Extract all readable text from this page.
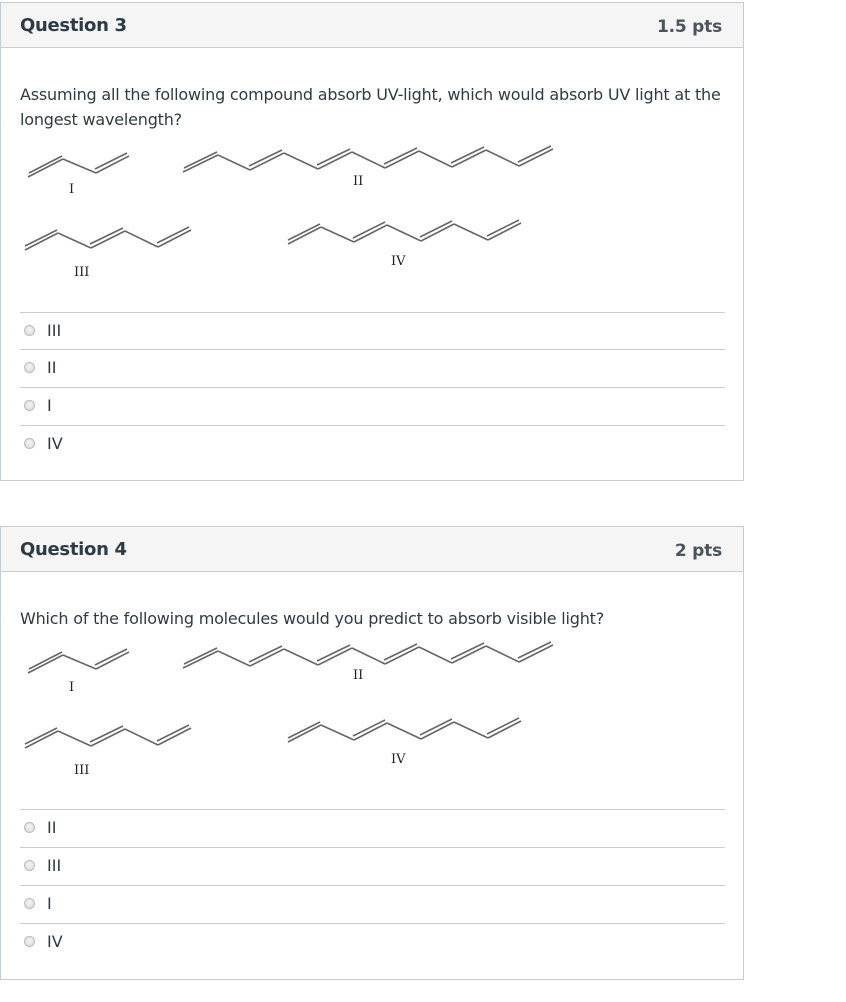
Question 3	1.5 pts
Assuming all the following compound absorb UV-light, which would absorb UV light at the longest wavelength?
I
II
III
IV
III
II
I
IV
Question 4	2 pts
Which of the following molecules would you predict to absorb visible light?
I
II
III
IV
II
III
I
IV
